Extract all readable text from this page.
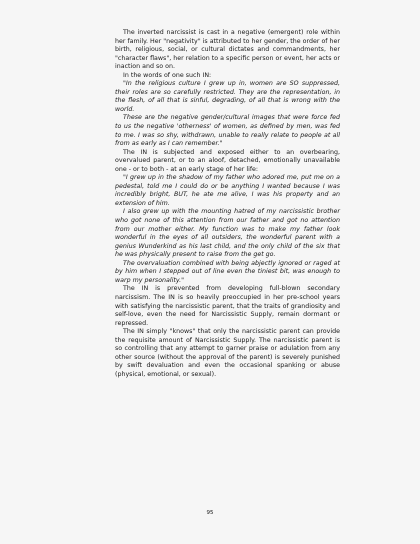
The inverted narcissist is cast in a negative (emergent) role within her family. Her "negativity" is attributed to her gender, the order of her birth, religious, social, or cultural dictates and commandments, her "character flaws", her relation to a specific person or event, her acts or inaction and so on.

In the words of one such IN:

"In the religious culture I grew up in, women are SO suppressed, their roles are so carefully restricted. They are the representation, in the flesh, of all that is sinful, degrading, of all that is wrong with the world.

These are the negative gender/cultural images that were force fed to us the negative 'otherness' of women, as defined by men, was fed to me. I was so shy, withdrawn, unable to really relate to people at all from as early as I can remember."

The IN is subjected and exposed either to an overbearing, overvalued parent, or to an aloof, detached, emotionally unavailable one - or to both - at an early stage of her life:

"I grew up in the shadow of my father who adored me, put me on a pedestal, told me I could do or be anything I wanted because I was incredibly bright, BUT, he ate me alive, I was his property and an extension of him.

I also grew up with the mounting hatred of my narcissistic brother who got none of this attention from our father and got no attention from our mother either. My function was to make my father look wonderful in the eyes of all outsiders, the wonderful parent with a genius Wunderkind as his last child, and the only child of the six that he was physically present to raise from the get go.

The overvaluation combined with being abjectly ignored or raged at by him when I stepped out of line even the tiniest bit, was enough to warp my personality."

The IN is prevented from developing full-blown secondary narcissism. The IN is so heavily preoccupied in her pre-school years with satisfying the narcissistic parent, that the traits of grandiosity and self-love, even the need for Narcissistic Supply, remain dormant or repressed.

The IN simply "knows" that only the narcissistic parent can provide the requisite amount of Narcissistic Supply. The narcissistic parent is so controlling that any attempt to garner praise or adulation from any other source (without the approval of the parent) is severely punished by swift devaluation and even the occasional spanking or abuse (physical, emotional, or sexual).

95
